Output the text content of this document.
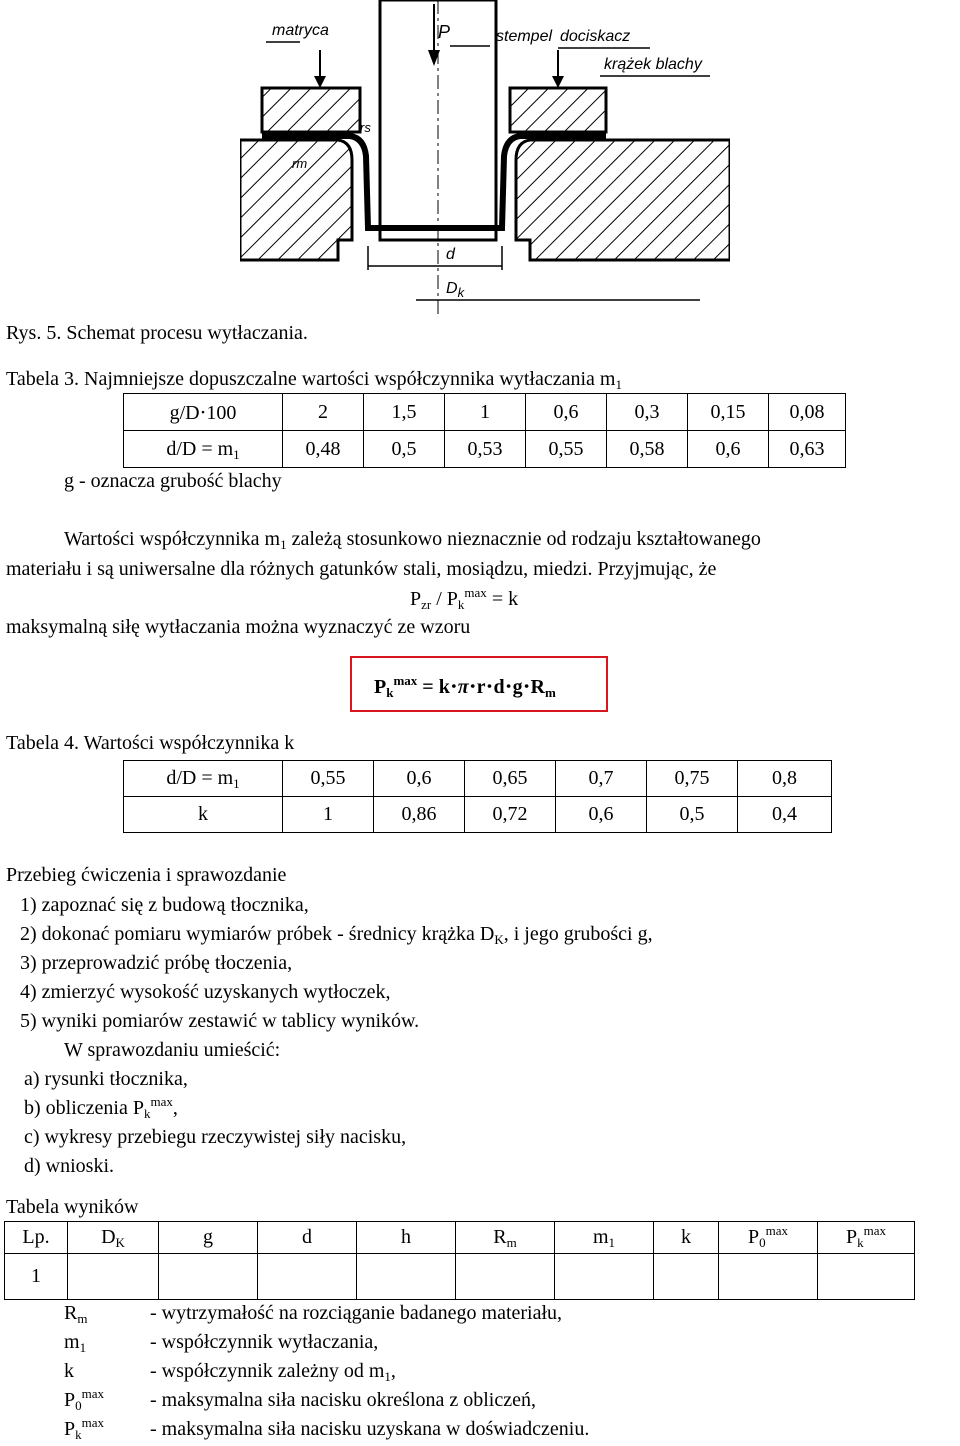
matryca	P	stempel dociskacz
krążek blachy
rs
rm
d
$D_k$
Rys. 5. Schemat procesu wytłaczania.
Tabela 3. Najmniejsze dopuszczalne wartości współczynnika wytłaczania $m_1$
g/D⋅100	2	1,5	1	0,6	0,3	0,15	0,08
$d/D = m_1$	0,48	0,5	0,53	0,55	0,58	0,6	0,63
g - oznacza grubość blachy
Wartości współczynnika $m_1$ zależą stosunkowo nieznacznie od rodzaju kształtowanego
materiału i są uniwersalne dla różnych gatunków stali, mosiądzu, miedzi. Przyjmując, że
$P_{zr} / P_k^{max} = k$
maksymalną siłę wytłaczania można wyznaczyć ze wzoru
$P_k^{max} = k\cdot\pi\cdot r\cdot d\cdot g\cdot R_m$
Tabela 4. Wartości współczynnika k
$d/D = m_1$	0,55	0,6	0,65	0,7	0,75	0,8
k	1	0,86	0,72	0,6	0,5	0,4
Przebieg ćwiczenia i sprawozdanie
1) zapoznać się z budową tłocznika,
2) dokonać pomiaru wymiarów próbek - średnicy krążka $D_K$, i jego grubości g,
3) przeprowadzić próbę tłoczenia,
4) zmierzyć wysokość uzyskanych wytłoczek,
5) wyniki pomiarów zestawić w tablicy wyników.
W sprawozdaniu umieścić:
a) rysunki tłocznika,
b) obliczenia $P_k^{max}$,
c) wykresy przebiegu rzeczywistej siły nacisku,
d) wnioski.
Tabela wyników
Lp.	$D_K$	g	d	h	$R_m$	$m_1$	k	$P_0^{max}$	$P_k^{max}$
1									
$R_m$	- wytrzymałość na rozciąganie badanego materiału,
$m_1$	- współczynnik wytłaczania,
k	- współczynnik zależny od $m_1$,
$P_0^{max}$ - maksymalna siła nacisku określona z obliczeń,
$P_k^{max}$ - maksymalna siła nacisku uzyskana w doświadczeniu.
